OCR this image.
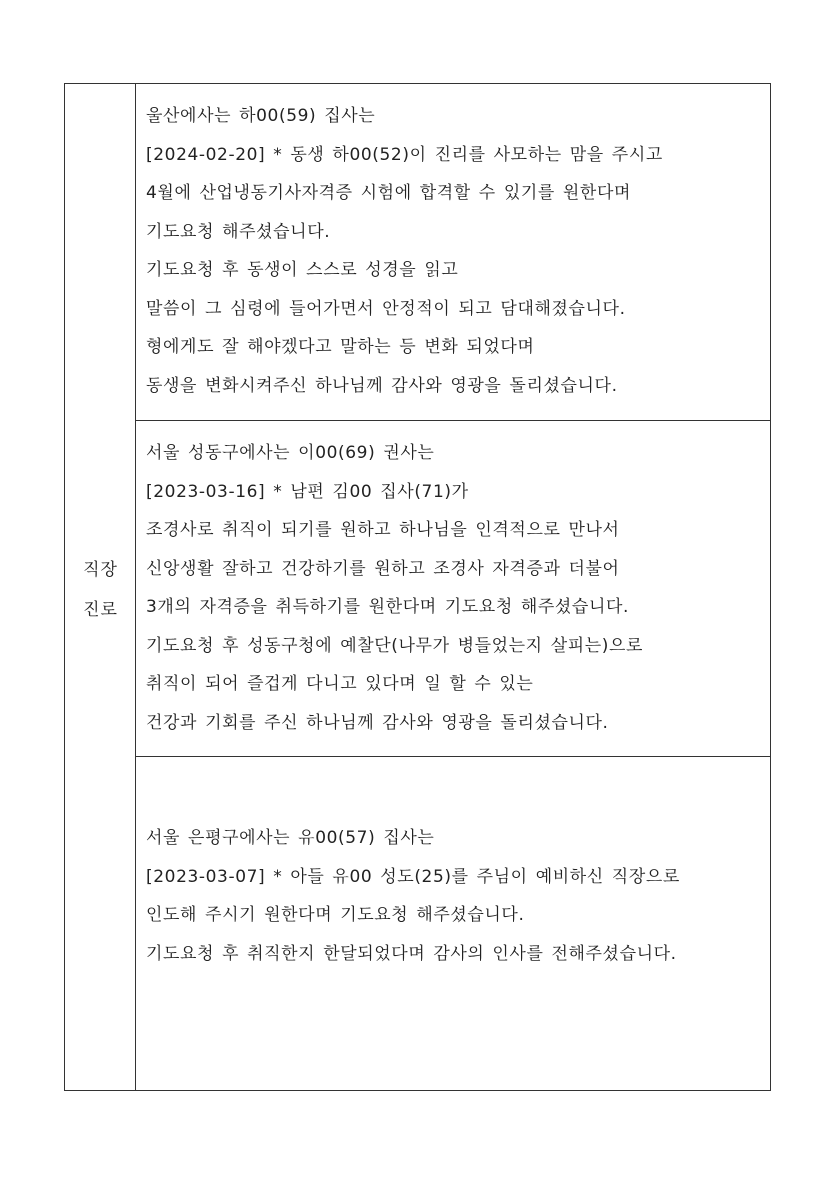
직장
진로
울산에사는 하00(59) 집사는
[2024-02-20] * 동생 하00(52)이 진리를 사모하는 맘을 주시고
4월에 산업냉동기사자격증 시험에 합격할 수 있기를 원한다며
기도요청 해주셨습니다.
기도요청 후 동생이 스스로 성경을 읽고
말씀이 그 심령에 들어가면서 안정적이 되고 담대해졌습니다.
형에게도 잘 해야겠다고 말하는 등 변화 되었다며
동생을 변화시켜주신 하나님께 감사와 영광을 돌리셨습니다.
서울 성동구에사는 이00(69) 권사는
[2023-03-16] * 남편 김00 집사(71)가
조경사로 취직이 되기를 원하고 하나님을 인격적으로 만나서
신앙생활 잘하고 건강하기를 원하고 조경사 자격증과 더불어
3개의 자격증을 취득하기를 원한다며 기도요청 해주셨습니다.
기도요청 후 성동구청에 예찰단(나무가 병들었는지 살피는)으로
취직이 되어 즐겁게 다니고 있다며 일 할 수 있는
건강과 기회를 주신 하나님께 감사와 영광을 돌리셨습니다.
서울 은평구에사는 유00(57) 집사는
[2023-03-07] * 아들 유00 성도(25)를 주님이 예비하신 직장으로
인도해 주시기 원한다며 기도요청 해주셨습니다.
기도요청 후 취직한지 한달되었다며 감사의 인사를 전해주셨습니다.
